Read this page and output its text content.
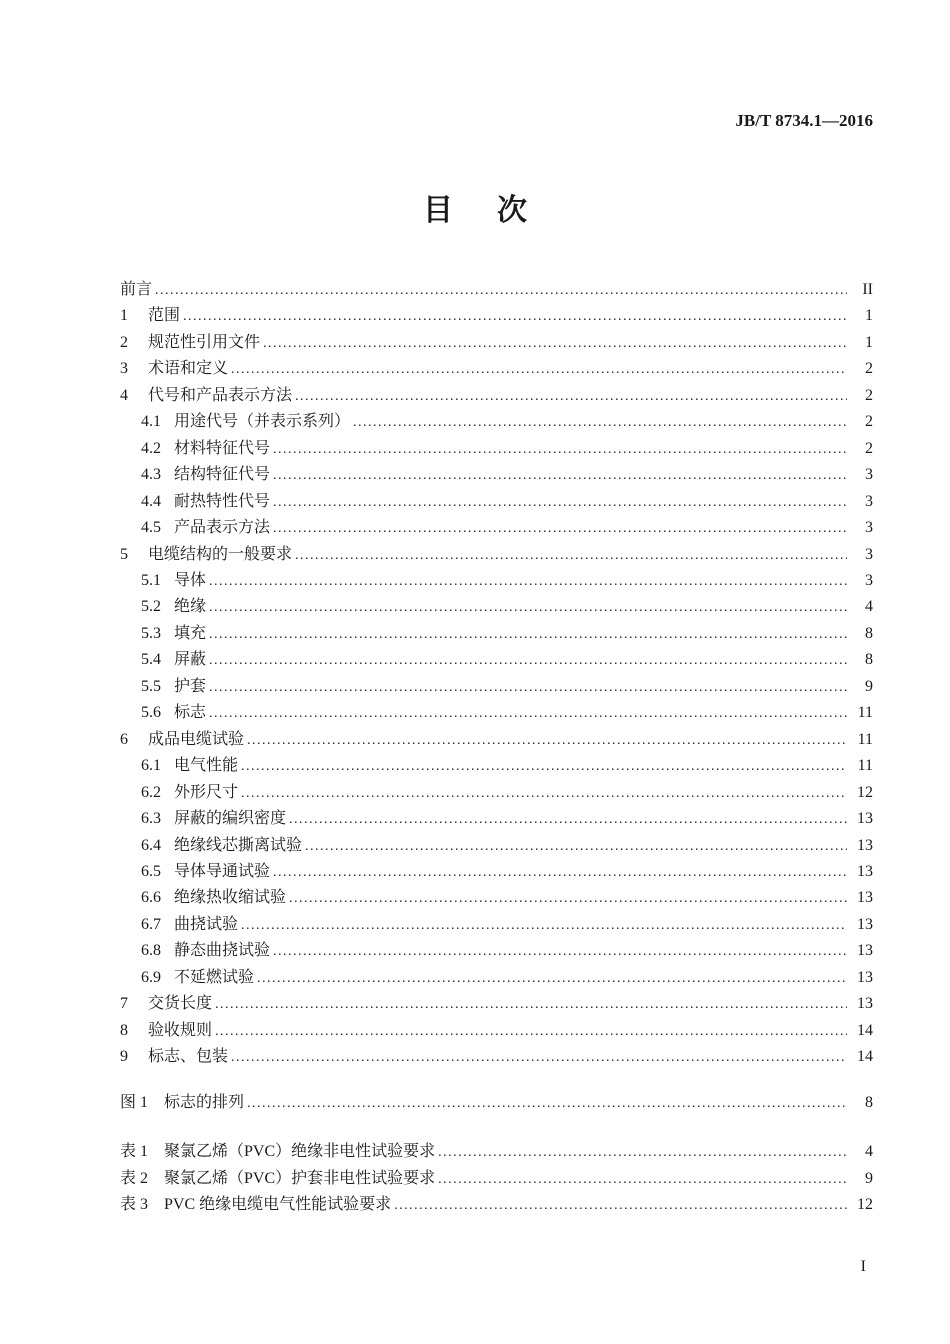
JB/T 8734.1—2016
目次
前言 .....	II
1	范围 .....	1
2	规范性引用文件 .....	1
3	术语和定义 .....	2
4	代号和产品表示方法 .....	2
4.1 用途代号（并表示系列） .....	2
4.2 材料特征代号 .....	2
4.3 结构特征代号 .....	3
4.4 耐热特性代号 .....	3
4.5 产品表示方法 .....	3
5	电缆结构的一般要求 .....	3
5.1 导体 .....	3
5.2 绝缘 .....	4
5.3 填充 .....	8
5.4 屏蔽 .....	8
5.5 护套 .....	9
5.6 标志 .....	11
6	成品电缆试验 .....	11
6.1 电气性能 .....	11
6.2 外形尺寸 .....	12
6.3 屏蔽的编织密度 .....	13
6.4 绝缘线芯撕离试验 .....	13
6.5 导体导通试验 .....	13
6.6 绝缘热收缩试验 .....	13
6.7 曲挠试验 .....	13
6.8 静态曲挠试验 .....	13
6.9 不延燃试验 .....	13
7	交货长度 .....	13
8	验收规则 .....	14
9	标志、包装 .....	14
图 1 标志的排列 .....	8
表 1 聚氯乙烯（PVC）绝缘非电性试验要求 .....	4
表 2 聚氯乙烯（PVC）护套非电性试验要求 .....	9
表 3 PVC 绝缘电缆电气性能试验要求 .....	12
I
